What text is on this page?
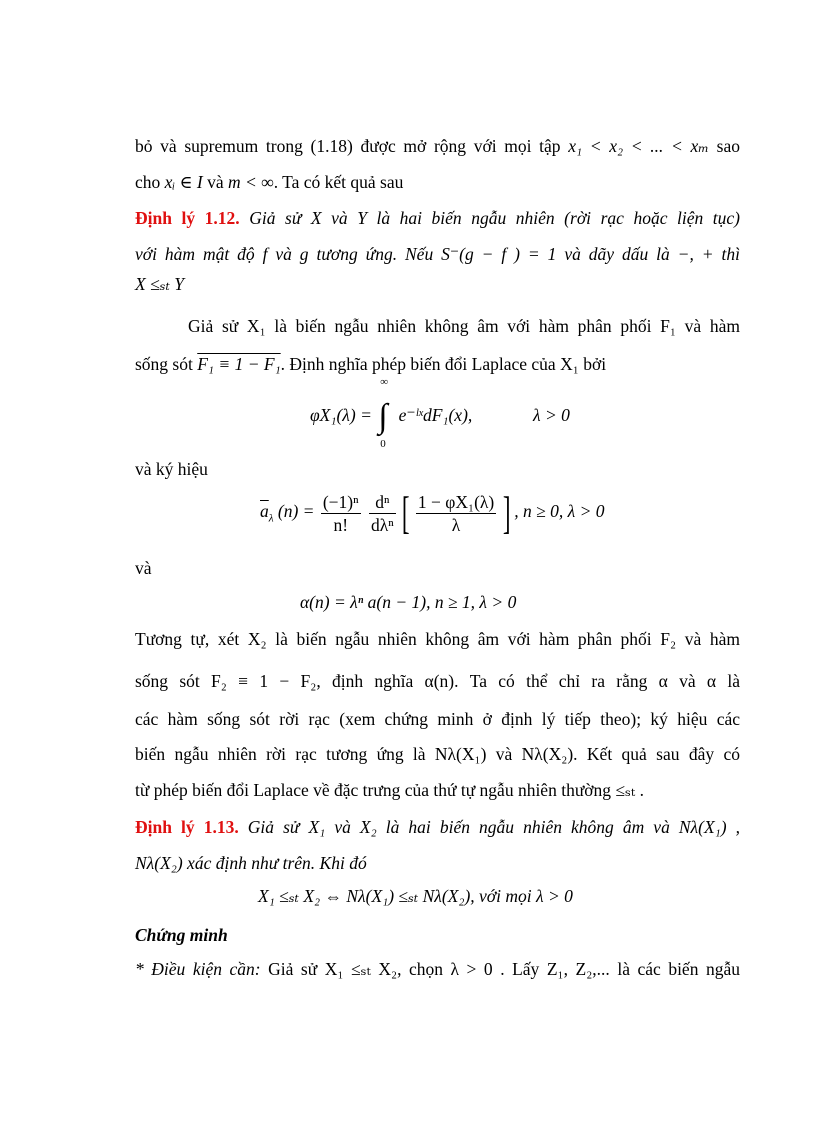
bỏ và supremum trong (1.18) được mở rộng với mọi tập x₁ < x₂ < ... < xₘ sao
cho xᵢ ∈ I và m < ∞. Ta có kết quả sau
Định lý 1.12. Giả sử X và Y là hai biến ngẫu nhiên (rời rạc hoặc liện tục)
với hàm mật độ f và g tương ứng. Nếu S⁻(g − f ) = 1 và dãy dấu là −, + thì
X ≤ₛₜ Y
Giả sử X₁ là biến ngẫu nhiên không âm với hàm phân phối F₁ và hàm
sống sót F₁ ≡ 1 − F₁. Định nghĩa phép biến đổi Laplace của X₁ bởi
φX₁(λ) = ∫
∞
0
e⁻ˡˣdF₁(x),	λ > 0
và ký hiệu
$\overline{a}_\lambda$ $(n) = \frac{\text{(−1)ⁿ}}{n!}$
$\frac{\text{dⁿ}}{\text{dλⁿ}}$ [ $\frac{\text{1 − φX₁(λ)}}{\lambda}$ ] , n ≥ 0, λ > 0
và
α(n) = λⁿ a(n − 1), n ≥ 1, λ > 0
Tương tự, xét X₂ là biến ngẫu nhiên không âm với hàm phân phối F₂ và hàm
sống sót F₂ ≡ 1 − F₂, định nghĩa α(n). Ta có thể chỉ ra rằng α và α là
các hàm sống sót rời rạc (xem chứng minh ở định lý tiếp theo); ký hiệu các
biến ngẫu nhiên rời rạc tương ứng là Nλ(X₁) và Nλ(X₂). Kết quả sau đây có
từ phép biến đổi Laplace về đặc trưng của thứ tự ngẫu nhiên thường ≤ₛₜ .
Định lý 1.13. Giả sử X₁ và X₂ là hai biến ngẫu nhiên không âm và Nλ(X₁) ,
Nλ(X₂) xác định như trên. Khi đó
X₁ ≤ₛₜ X₂ ⇔ Nλ(X₁) ≤ₛₜ Nλ(X₂), với mọi λ > 0
Chứng minh
* Điều kiện cần: Giả sử X₁ ≤ₛₜ X₂, chọn λ > 0 . Lấy Z₁, Z₂,... là các biến ngẫu
